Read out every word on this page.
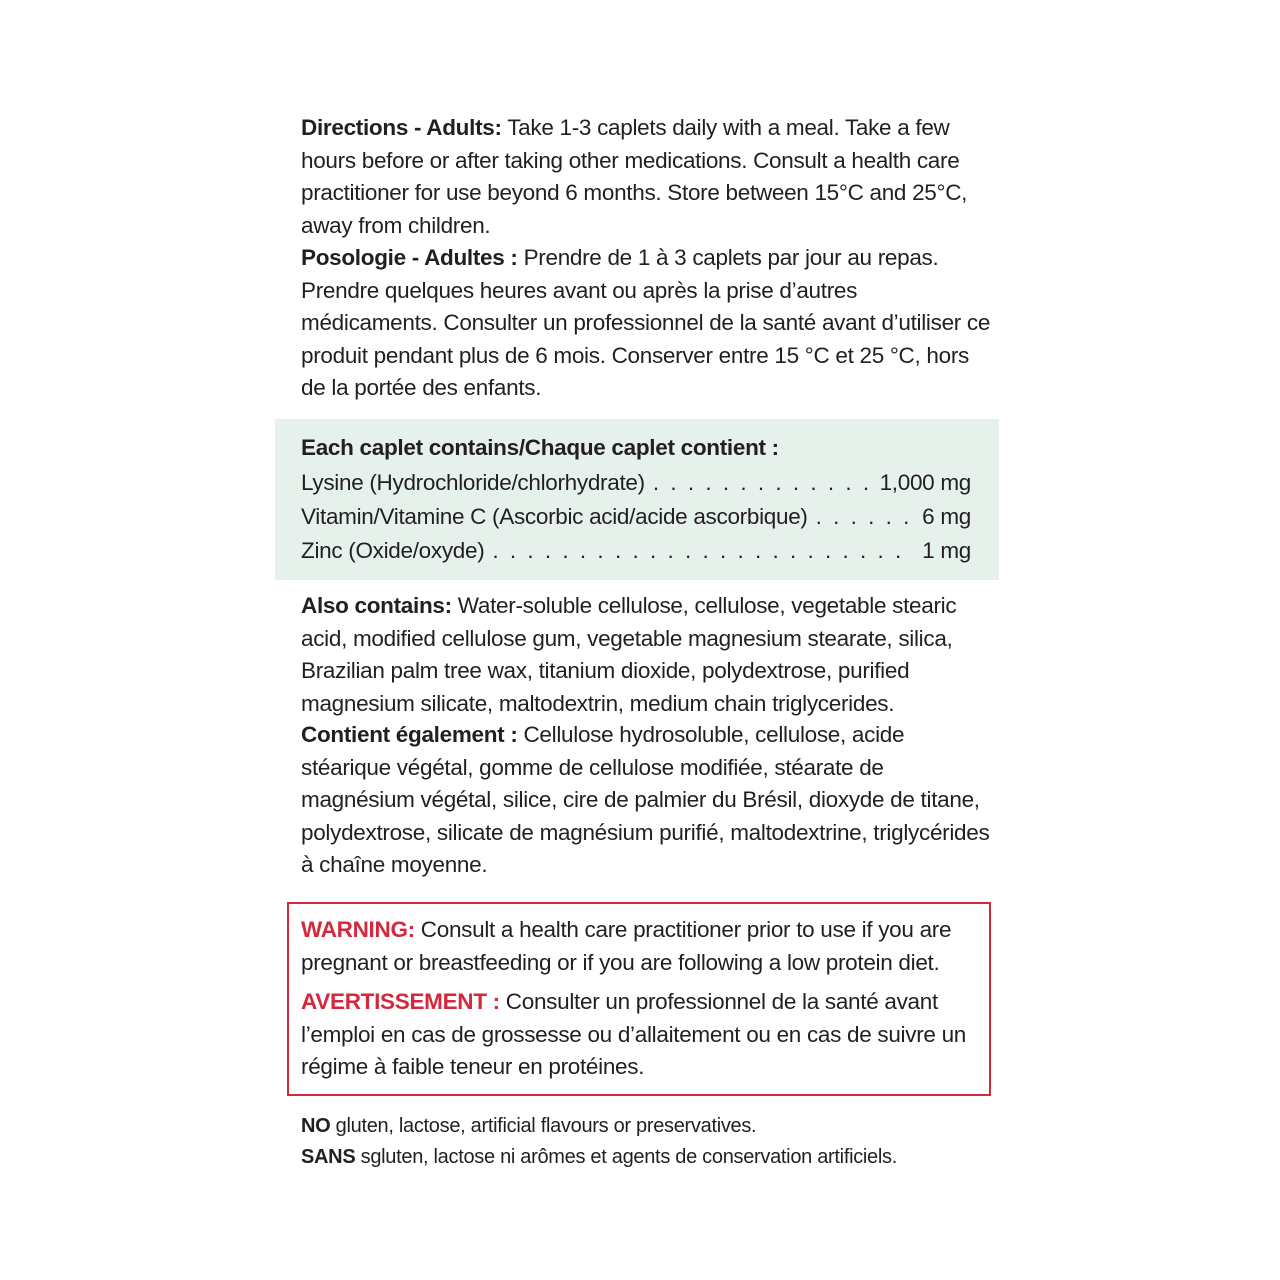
Directions - Adults: Take 1-3 caplets daily with a meal. Take a few hours before or after taking other medications. Consult a health care practitioner for use beyond 6 months. Store between 15°C and 25°C, away from children.

Posologie - Adultes : Prendre de 1 à 3 caplets par jour au repas. Prendre quelques heures avant ou après la prise d’autres médicaments. Consulter un professionnel de la santé avant d’utiliser ce produit pendant plus de 6 mois. Conserver entre 15 °C et 25 °C, hors de la portée des enfants.

Each caplet contains/Chaque caplet contient :
Lysine (Hydrochloride/chlorhydrate) . . .	1,000 mg
Vitamin/Vitamine C (Ascorbic acid/acide ascorbique) . . .	6 mg
Zinc (Oxide/oxyde) . . .	1 mg

Also contains: Water-soluble cellulose, cellulose, vegetable stearic acid, modified cellulose gum, vegetable magnesium stearate, silica, Brazilian palm tree wax, titanium dioxide, polydextrose, purified magnesium silicate, maltodextrin, medium chain triglycerides.

Contient également : Cellulose hydrosoluble, cellulose, acide stéarique végétal, gomme de cellulose modifiée, stéarate de magnésium végétal, silice, cire de palmier du Brésil, dioxyde de titane, polydextrose, silicate de magnésium purifié, maltodextrine, triglycérides à chaîne moyenne.

WARNING: Consult a health care practitioner prior to use if you are pregnant or breastfeeding or if you are following a low protein diet.

AVERTISSEMENT : Consulter un professionnel de la santé avant l’emploi en cas de grossesse ou d’allaitement ou en cas de suivre un régime à faible teneur en protéines.

NO gluten, lactose, artificial flavours or preservatives.

SANS sgluten, lactose ni arômes et agents de conservation artificiels.
